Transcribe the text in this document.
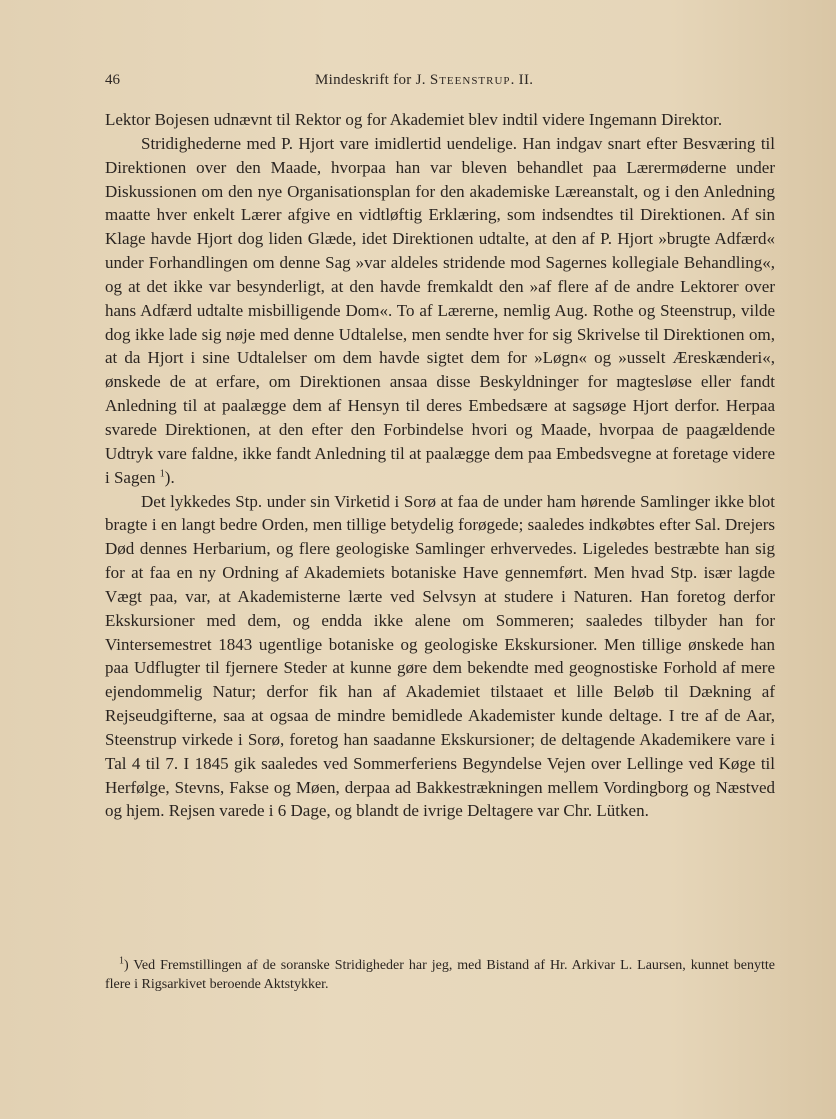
46	Mindeskrift for J. Steenstrup. II.

Lektor Bojesen udnævnt til Rektor og for Akademiet blev indtil videre Ingemann Direktor.

Stridighederne med P. Hjort vare imidlertid uendelige. Han indgav snart efter Besværing til Direktionen over den Maade, hvorpaa han var bleven behandlet paa Lærermøderne under Diskussionen om den nye Organisationsplan for den akademiske Læreanstalt, og i den Anledning maatte hver enkelt Lærer afgive en vidtløftig Erklæring, som indsendtes til Direktionen. Af sin Klage havde Hjort dog liden Glæde, idet Direktionen udtalte, at den af P. Hjort »brugte Adfærd« under Forhandlingen om denne Sag »var aldeles stridende mod Sagernes kollegiale Behandling«, og at det ikke var besynderligt, at den havde fremkaldt den »af flere af de andre Lektorer over hans Adfærd udtalte misbilligende Dom«. To af Lærerne, nemlig Aug. Rothe og Steenstrup, vilde dog ikke lade sig nøje med denne Udtalelse, men sendte hver for sig Skrivelse til Direktionen om, at da Hjort i sine Udtalelser om dem havde sigtet dem for »Løgn« og »usselt Æreskænderi«, ønskede de at erfare, om Direktionen ansaa disse Beskyldninger for magtesløse eller fandt Anledning til at paalægge dem af Hensyn til deres Embedsære at sagsøge Hjort derfor. Herpaa svarede Direktionen, at den efter den Forbindelse hvori og Maade, hvorpaa de paagældende Udtryk vare faldne, ikke fandt Anledning til at paalægge dem paa Embedsvegne at foretage videre i Sagen $^1$).

Det lykkedes Stp. under sin Virketid i Sorø at faa de under ham hørende Samlinger ikke blot bragte i en langt bedre Orden, men tillige betydelig forøgede; saaledes indkøbtes efter Sal. Drejers Død dennes Herbarium, og flere geologiske Samlinger erhvervedes. Ligeledes bestræbte han sig for at faa en ny Ordning af Akademiets botaniske Have gennemført. Men hvad Stp. især lagde Vægt paa, var, at Akademisterne lærte ved Selvsyn at studere i Naturen. Han foretog derfor Ekskursioner med dem, og endda ikke alene om Sommeren; saaledes tilbyder han for Vintersemestret 1843 ugentlige botaniske og geologiske Ekskursioner. Men tillige ønskede han paa Udflugter til fjernere Steder at kunne gøre dem bekendte med geognostiske Forhold af mere ejendommelig Natur; derfor fik han af Akademiet tilstaaet et lille Beløb til Dækning af Rejseudgifterne, saa at ogsaa de mindre bemidlede Akademister kunde deltage. I tre af de Aar, Steenstrup virkede i Sorø, foretog han saadanne Ekskursioner; de deltagende Akademikere vare i Tal 4 til 7. I 1845 gik saaledes ved Sommerferiens Begyndelse Vejen over Lellinge ved Køge til Herfølge, Stevns, Fakse og Møen, derpaa ad Bakkestrækningen mellem Vordingborg og Næstved og hjem. Rejsen varede i 6 Dage, og blandt de ivrige Deltagere var Chr. Lütken.

$^1$) Ved Fremstillingen af de soranske Stridigheder har jeg, med Bistand af Hr. Arkivar L. Laursen, kunnet benytte flere i Rigsarkivet beroende Aktstykker.
